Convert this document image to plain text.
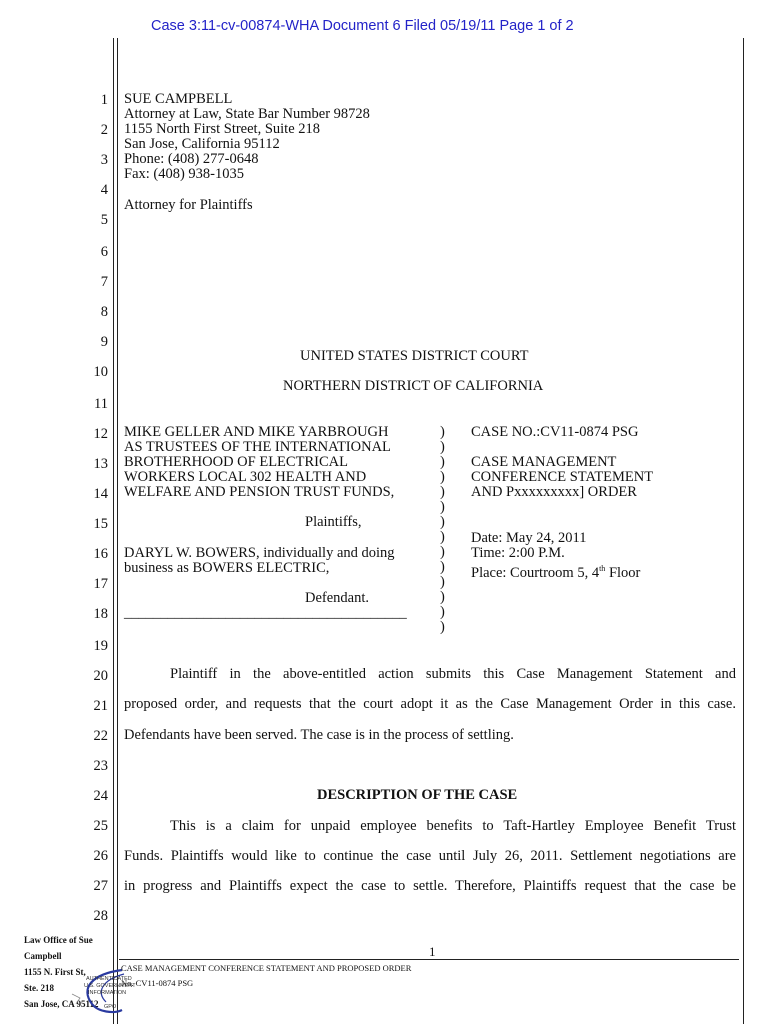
Case 3:11-cv-00874-WHA Document 6 Filed 05/19/11 Page 1 of 2
1
2
3
4
5
6
7
8
9
10
11
12
13
14
15
16
17
18
19
20
21
22
23
24
25
26
27
28
SUE CAMPBELL
Attorney at Law, State Bar Number 98728
1155 North First Street, Suite 218
San Jose, California 95112
Phone: (408) 277-0648
Fax: (408) 938-1035
Attorney for Plaintiffs
UNITED STATES DISTRICT COURT
NORTHERN DISTRICT OF CALIFORNIA
MIKE GELLER AND MIKE YARBROUGH
AS TRUSTEES OF THE INTERNATIONAL
BROTHERHOOD OF ELECTRICAL
WORKERS LOCAL 302 HEALTH AND
WELFARE AND PENSION TRUST FUNDS,
Plaintiffs,
DARYL W. BOWERS, individually and doing
business as BOWERS ELECTRIC,
Defendant.
_______________________________________
)
)
)
)
)
)
)
)
)
)
)
)
)
)
CASE NO.:CV11-0874 PSG
CASE MANAGEMENT
CONFERENCE STATEMENT
AND Pxxxxxxxxx] ORDER
Date: May 24, 2011
Time: 2:00 P.M.
Place: Courtroom 5, 4th Floor
Plaintiff in the above-entitled action submits this Case Management Statement and
proposed order, and requests that the court adopt it as the Case Management Order in this case.
Defendants have been served. The case is in the process of settling.
DESCRIPTION OF THE CASE
This is a claim for unpaid employee benefits to Taft-Hartley Employee Benefit Trust
Funds. Plaintiffs would like to continue the case until July 26, 2011. Settlement negotiations are
in progress and Plaintiffs expect the case to settle. Therefore, Plaintiffs request that the case be
Law Office of Sue
Campbell
1155 N. First St,
Ste. 218
San Jose, CA 95112
AUTHENTICATED
U.S. GOVERNMENT
INFORMATION
GPO
1
CASE MANAGEMENT CONFERENCE STATEMENT AND PROPOSED ORDER
No. CV11-0874 PSG
